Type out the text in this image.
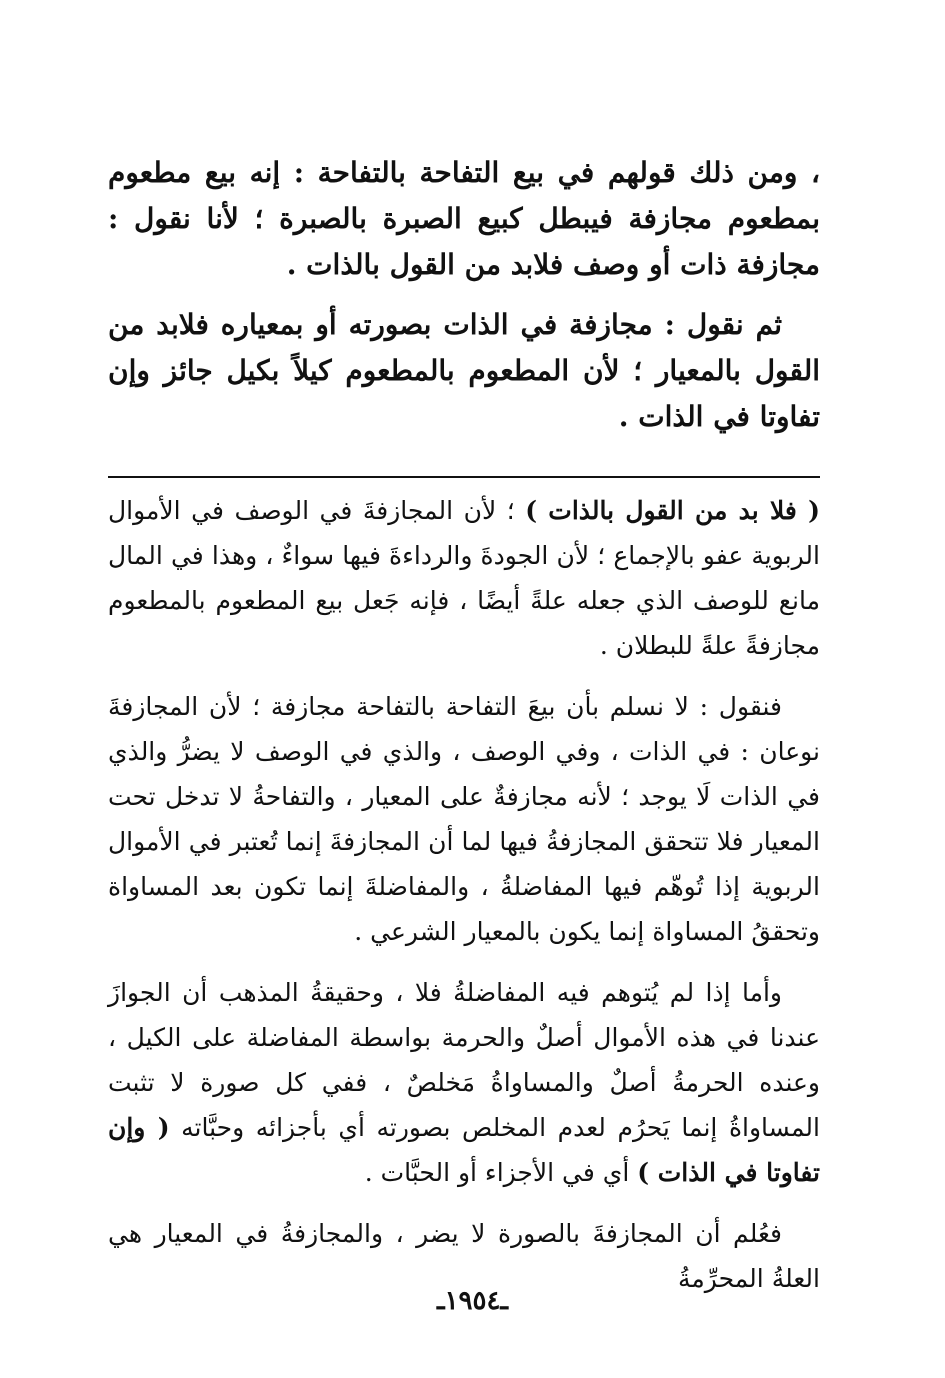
، ومن ذلك قولهم في بيع التفاحة بالتفاحة : إنه بيع مطعوم بمطعوم مجازفة فيبطل كبيع الصبرة بالصبرة ؛ لأنا نقول : مجازفة ذات أو وصف فلابد من القول بالذات .

ثم نقول : مجازفة في الذات بصورته أو بمعياره فلابد من القول بالمعيار ؛ لأن المطعوم بالمطعوم كيلاً بكيل جائز وإن تفاوتا في الذات .

( فلا بد من القول بالذات ) ؛ لأن المجازفةَ في الوصف في الأموال الربوية عفو بالإجماع ؛ لأن الجودةَ والرداءةَ فيها سواءٌ ، وهذا في المال مانع للوصف الذي جعله علةً أيضًا ، فإنه جَعل بيع المطعوم بالمطعوم مجازفةً علةً للبطلان .

فنقول : لا نسلم بأن بيعَ التفاحة بالتفاحة مجازفة ؛ لأن المجازفةَ نوعان : في الذات ، وفي الوصف ، والذي في الوصف لا يضرُّ والذي في الذات لَا يوجد ؛ لأنه مجازفةٌ على المعيار ، والتفاحةُ لا تدخل تحت المعيار فلا تتحقق المجازفةُ فيها لما أن المجازفةَ إنما تُعتبر في الأموال الربوية إذا تُوهّم فيها المفاضلةُ ، والمفاضلةَ إنما تكون بعد المساواة وتحققُ المساواة إنما يكون بالمعيار الشرعي .

وأما إذا لم يُتوهم فيه المفاضلةُ فلا ، وحقيقةُ المذهب أن الجوازَ عندنا في هذه الأموال أصلٌ والحرمة بواسطة المفاضلة على الكيل ، وعنده الحرمةُ أصلٌ والمساواةُ مَخلصٌ ، ففي كل صورة لا تثبت المساواةُ إنما يَحرُم لعدم المخلص بصورته أي بأجزائه وحبَّاته ( وإن تفاوتا في الذات ) أي في الأجزاء أو الحبَّات .

فعُلم أن المجازفةَ بالصورة لا يضر ، والمجازفةُ في المعيار هي العلةُ المحرِّمةُ

ـ١٩٥٤ـ
